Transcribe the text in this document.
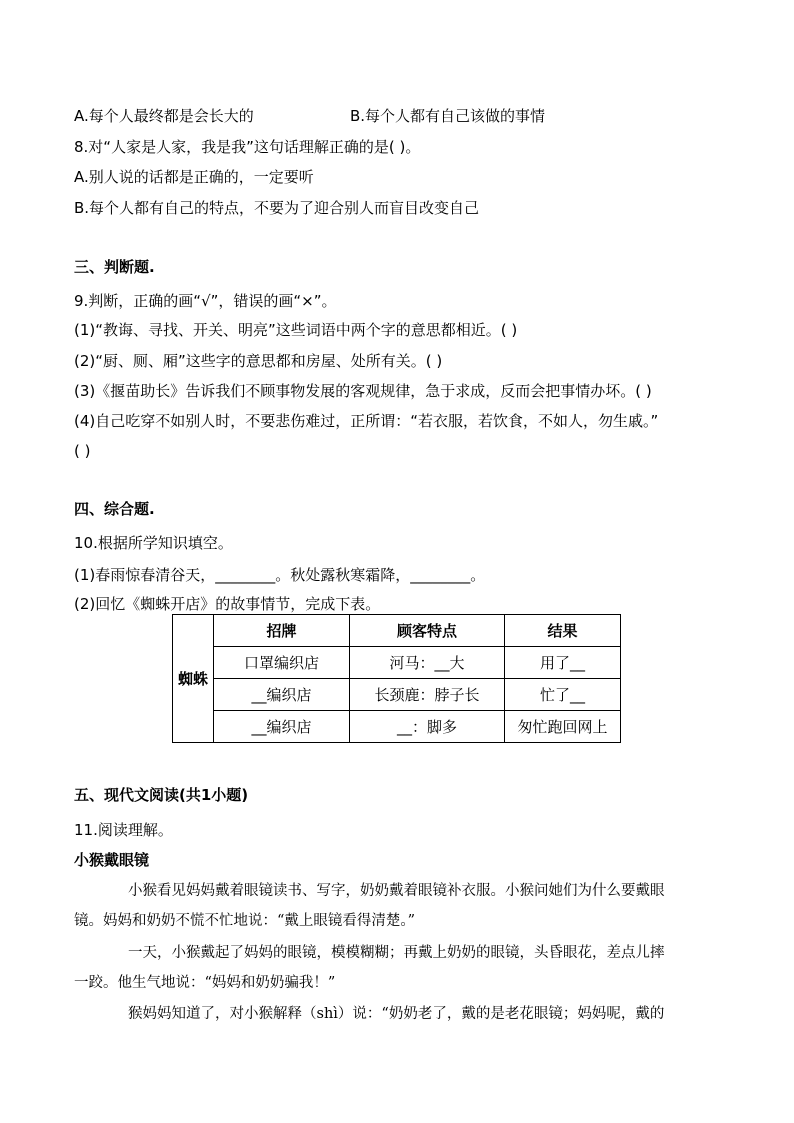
A.每个人最终都是会长大的	B.每个人都有自己该做的事情
8.对“人家是人家，我是我”这句话理解正确的是( )。
A.别人说的话都是正确的，一定要听
B.每个人都有自己的特点，不要为了迎合别人而盲目改变自己
三、判断题.
9.判断，正确的画“√”，错误的画“×”。
(1)“教诲、寻找、开关、明亮”这些词语中两个字的意思都相近。( )
(2)“厨、厕、厢”这些字的意思都和房屋、处所有关。( )
(3)《揠苗助长》告诉我们不顾事物发展的客观规律，急于求成，反而会把事情办坏。( )
(4)自己吃穿不如别人时，不要悲伤难过，正所谓：“若衣服，若饮食，不如人，勿生戚。”
( )
四、综合题.
10.根据所学知识填空。
(1)春雨惊春清谷天，________。秋处露秋寒霜降，________。
(2)回忆《蜘蛛开店》的故事情节，完成下表。
蜘蛛	招牌	顾客特点	结果
	口罩编织店	河马：__大	用了__
	__编织店	长颈鹿：脖子长	忙了__
	__编织店	__：脚多	匆忙跑回网上
五、现代文阅读(共1小题)
11.阅读理解。
小猴戴眼镜
小猴看见妈妈戴着眼镜读书、写字，奶奶戴着眼镜补衣服。小猴问她们为什么要戴眼
镜。妈妈和奶奶不慌不忙地说：“戴上眼镜看得清楚。”
一天，小猴戴起了妈妈的眼镜，模模糊糊；再戴上奶奶的眼镜，头昏眼花，差点儿摔
一跤。他生气地说：“妈妈和奶奶骗我！”
猴妈妈知道了，对小猴解释（shì）说：“奶奶老了，戴的是老花眼镜；妈妈呢，戴的
